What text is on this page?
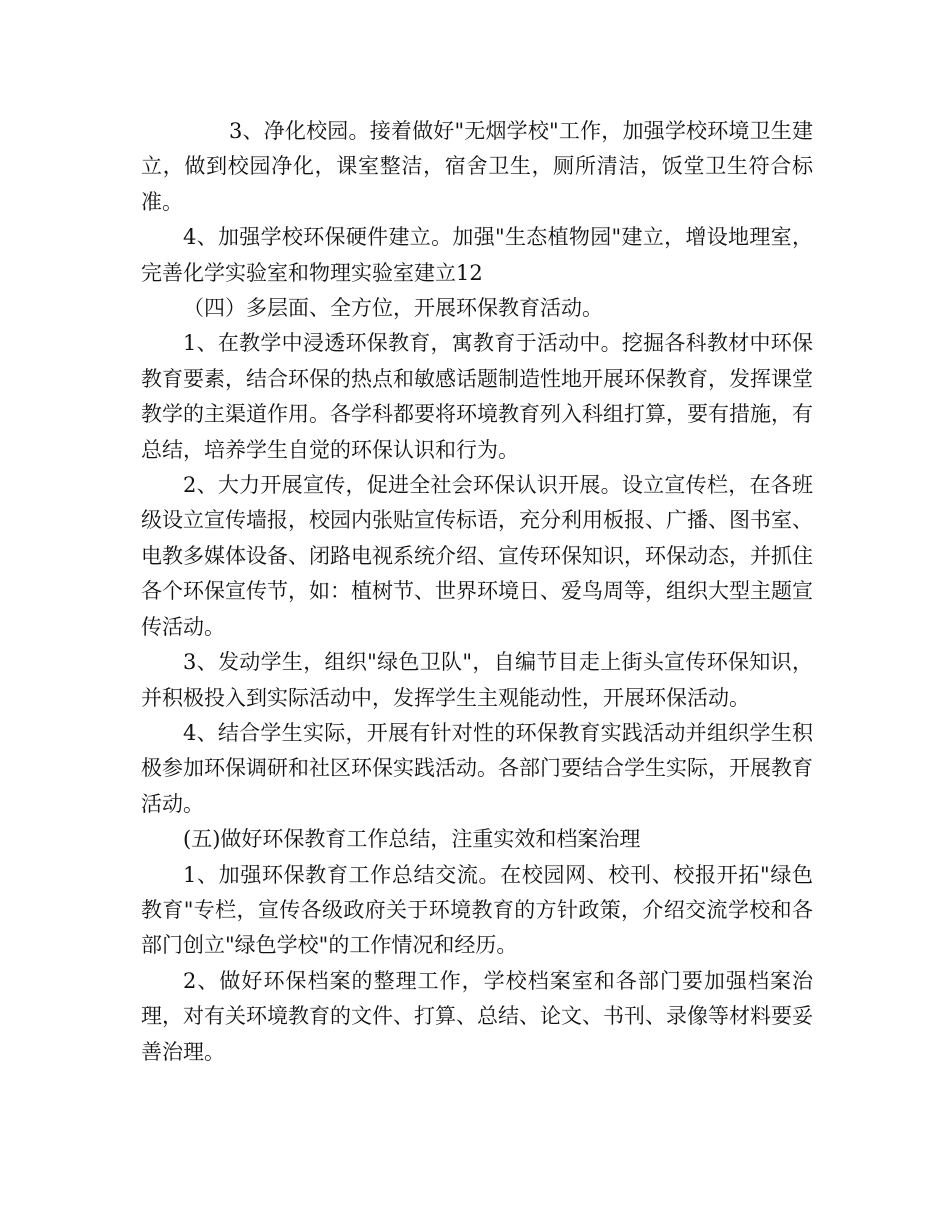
3、净化校园。接着做好"无烟学校"工作，加强学校环境卫生建立，做到校园净化，课室整洁，宿舍卫生，厕所清洁，饭堂卫生符合标准。

4、加强学校环保硬件建立。加强"生态植物园"建立，增设地理室，完善化学实验室和物理实验室建立12

（四）多层面、全方位，开展环保教育活动。

1、在教学中浸透环保教育，寓教育于活动中。挖掘各科教材中环保教育要素，结合环保的热点和敏感话题制造性地开展环保教育，发挥课堂教学的主渠道作用。各学科都要将环境教育列入科组打算，要有措施，有总结，培养学生自觉的环保认识和行为。

2、大力开展宣传，促进全社会环保认识开展。设立宣传栏，在各班级设立宣传墙报，校园内张贴宣传标语，充分利用板报、广播、图书室、电教多媒体设备、闭路电视系统介绍、宣传环保知识，环保动态，并抓住各个环保宣传节，如：植树节、世界环境日、爱鸟周等，组织大型主题宣传活动。

3、发动学生，组织"绿色卫队"，自编节目走上街头宣传环保知识，并积极投入到实际活动中，发挥学生主观能动性，开展环保活动。

4、结合学生实际，开展有针对性的环保教育实践活动并组织学生积极参加环保调研和社区环保实践活动。各部门要结合学生实际，开展教育活动。

(五)做好环保教育工作总结，注重实效和档案治理

1、加强环保教育工作总结交流。在校园网、校刊、校报开拓"绿色教育"专栏，宣传各级政府关于环境教育的方针政策，介绍交流学校和各部门创立"绿色学校"的工作情况和经历。

2、做好环保档案的整理工作，学校档案室和各部门要加强档案治理，对有关环境教育的文件、打算、总结、论文、书刊、录像等材料要妥善治理。
